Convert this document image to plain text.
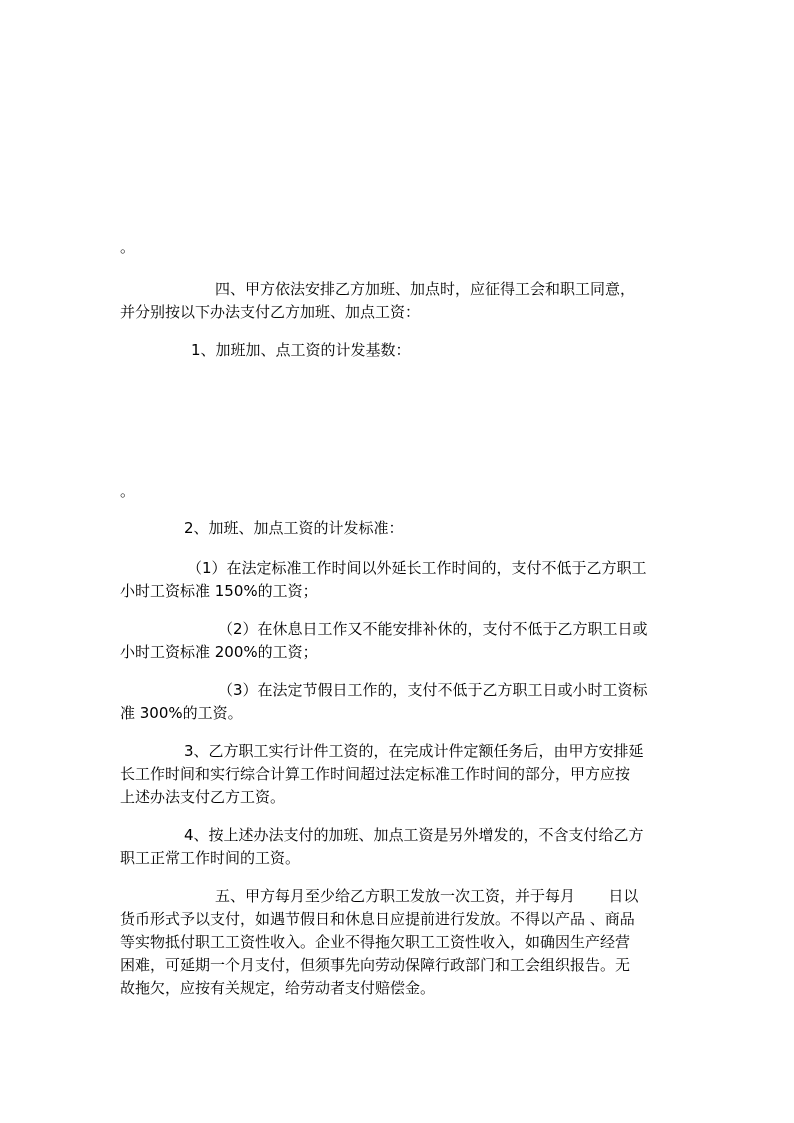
。
四、甲方依法安排乙方加班、加点时，应征得工会和职工同意，
并分别按以下办法支付乙方加班、加点工资：
1、加班加、点工资的计发基数：
。
2、加班、加点工资的计发标准：
（1）在法定标准工作时间以外延长工作时间的，支付不低于乙方职工
小时工资标准 150%的工资；
（2）在休息日工作又不能安排补休的，支付不低于乙方职工日或
小时工资标准 200%的工资；
（3）在法定节假日工作的，支付不低于乙方职工日或小时工资标
准 300%的工资。
3、乙方职工实行计件工资的，在完成计件定额任务后，由甲方安排延
长工作时间和实行综合计算工作时间超过法定标准工作时间的部分，甲方应按
上述办法支付乙方工资。
4、按上述办法支付的加班、加点工资是另外增发的，不含支付给乙方
职工正常工作时间的工资。
五、甲方每月至少给乙方职工发放一次工资，并于每月       日以
货币形式予以支付，如遇节假日和休息日应提前进行发放。不得以产品 、商品
等实物抵付职工工资性收入。企业不得拖欠职工工资性收入，如确因生产经营
困难，可延期一个月支付，但须事先向劳动保障行政部门和工会组织报告。无
故拖欠，应按有关规定，给劳动者支付赔偿金。
